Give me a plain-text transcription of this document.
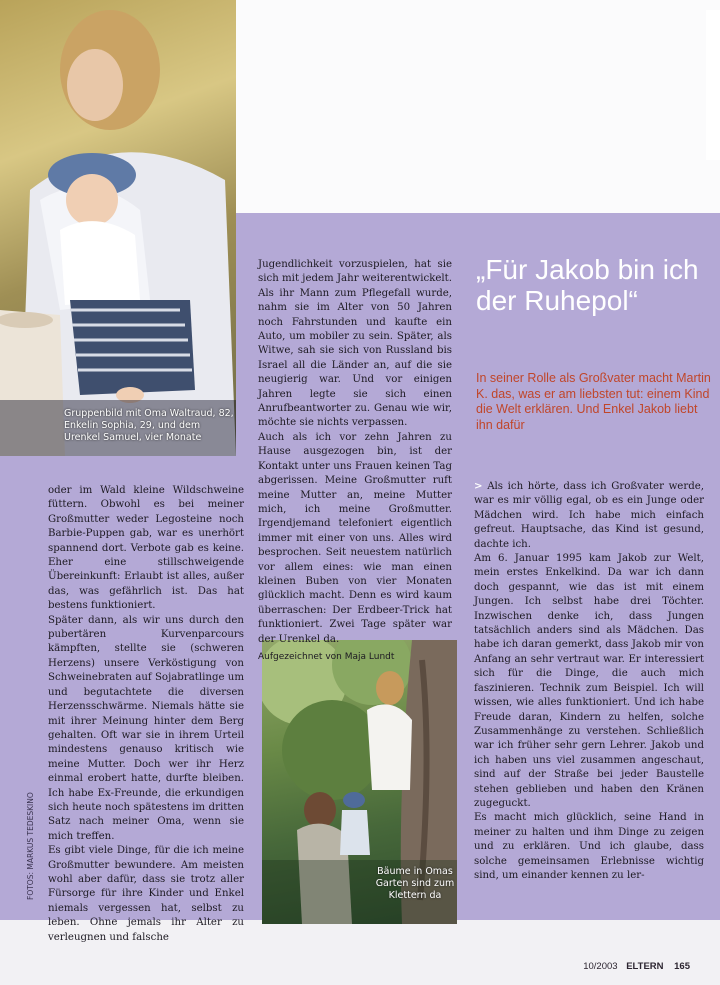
Gruppenbild mit Oma Waltraud, 82, Enkelin Sophia, 29, und dem Urenkel Samuel, vier Monate
Bäume in Omas Garten sind zum Klettern da

oder im Wald kleine Wildschweine füttern. Obwohl es bei meiner Großmutter weder Legosteine noch Barbie-Puppen gab, war es unerhört spannend dort. Verbote gab es keine. Eher eine stillschweigende Übereinkunft: Erlaubt ist alles, außer das, was gefährlich ist. Das hat bestens funktioniert.
Später dann, als wir uns durch den pubertären Kurvenparcours kämpften, stellte sie (schweren Herzens) unsere Verköstigung von Schweinebraten auf Sojabratlinge um und begutachtete die diversen Herzensschwärme. Niemals hätte sie mit ihrer Meinung hinter dem Berg gehalten. Oft war sie in ihrem Urteil mindestens genauso kritisch wie meine Mutter. Doch wer ihr Herz einmal erobert hatte, durfte bleiben. Ich habe Ex-Freunde, die erkundigen sich heute noch spätestens im dritten Satz nach meiner Oma, wenn sie mich treffen.
Es gibt viele Dinge, für die ich meine Großmutter bewundere. Am meisten wohl aber dafür, dass sie trotz aller Fürsorge für ihre Kinder und Enkel niemals vergessen hat, selbst zu leben. Ohne jemals ihr Alter zu verleugnen und falsche

Jugendlichkeit vorzuspielen, hat sie sich mit jedem Jahr weiterentwickelt. Als ihr Mann zum Pflegefall wurde, nahm sie im Alter von 50 Jahren noch Fahrstunden und kaufte ein Auto, um mobiler zu sein. Später, als Witwe, sah sie sich von Russland bis Israel all die Länder an, auf die sie neugierig war. Und vor einigen Jahren legte sie sich einen Anrufbeantworter zu. Genau wie wir, möchte sie nichts verpassen.
Auch als ich vor zehn Jahren zu Hause ausgezogen bin, ist der Kontakt unter uns Frauen keinen Tag abgerissen. Meine Großmutter ruft meine Mutter an, meine Mutter mich, ich meine Großmutter. Irgendjemand telefoniert eigentlich immer mit einer von uns. Alles wird besprochen. Seit neuestem natürlich vor allem eines: wie man einen kleinen Buben von vier Monaten glücklich macht. Denn es wird kaum überraschen: Der Erdbeer-Trick hat funktioniert. Zwei Tage später war der Urenkel da.

Aufgezeichnet von Maja Lundt
„Für Jakob bin ich der Ruhepol“
In seiner Rolle als Großvater macht Martin K. das, was er am liebsten tut: einem Kind die Welt erklären. Und Enkel Jakob liebt ihn dafür

> Als ich hörte, dass ich Großvater werde, war es mir völlig egal, ob es ein Junge oder Mädchen wird. Ich habe mich einfach gefreut. Hauptsache, das Kind ist gesund, dachte ich.
Am 6. Januar 1995 kam Jakob zur Welt, mein erstes Enkelkind. Da war ich dann doch gespannt, wie das ist mit einem Jungen. Ich selbst habe drei Töchter. Inzwischen denke ich, dass Jungen tatsächlich anders sind als Mädchen. Das habe ich daran gemerkt, dass Jakob mir von Anfang an sehr vertraut war. Er interessiert sich für die Dinge, die auch mich faszinieren. Technik zum Beispiel. Ich will wissen, wie alles funktioniert. Und ich habe Freude daran, Kindern zu helfen, solche Zusammenhänge zu verstehen. Schließlich war ich früher sehr gern Lehrer. Jakob und ich haben uns viel zusammen angeschaut, sind auf der Straße bei jeder Baustelle stehen geblieben und haben den Kränen zugeguckt.
Es macht mich glücklich, seine Hand in meiner zu halten und ihm Dinge zu zeigen und zu erklären. Und ich glaube, dass solche gemeinsamen Erlebnisse wichtig sind, um einander kennen zu ler-

FOTOS: MARKUS TEDESKINO
10/2003 ELTERN 165
